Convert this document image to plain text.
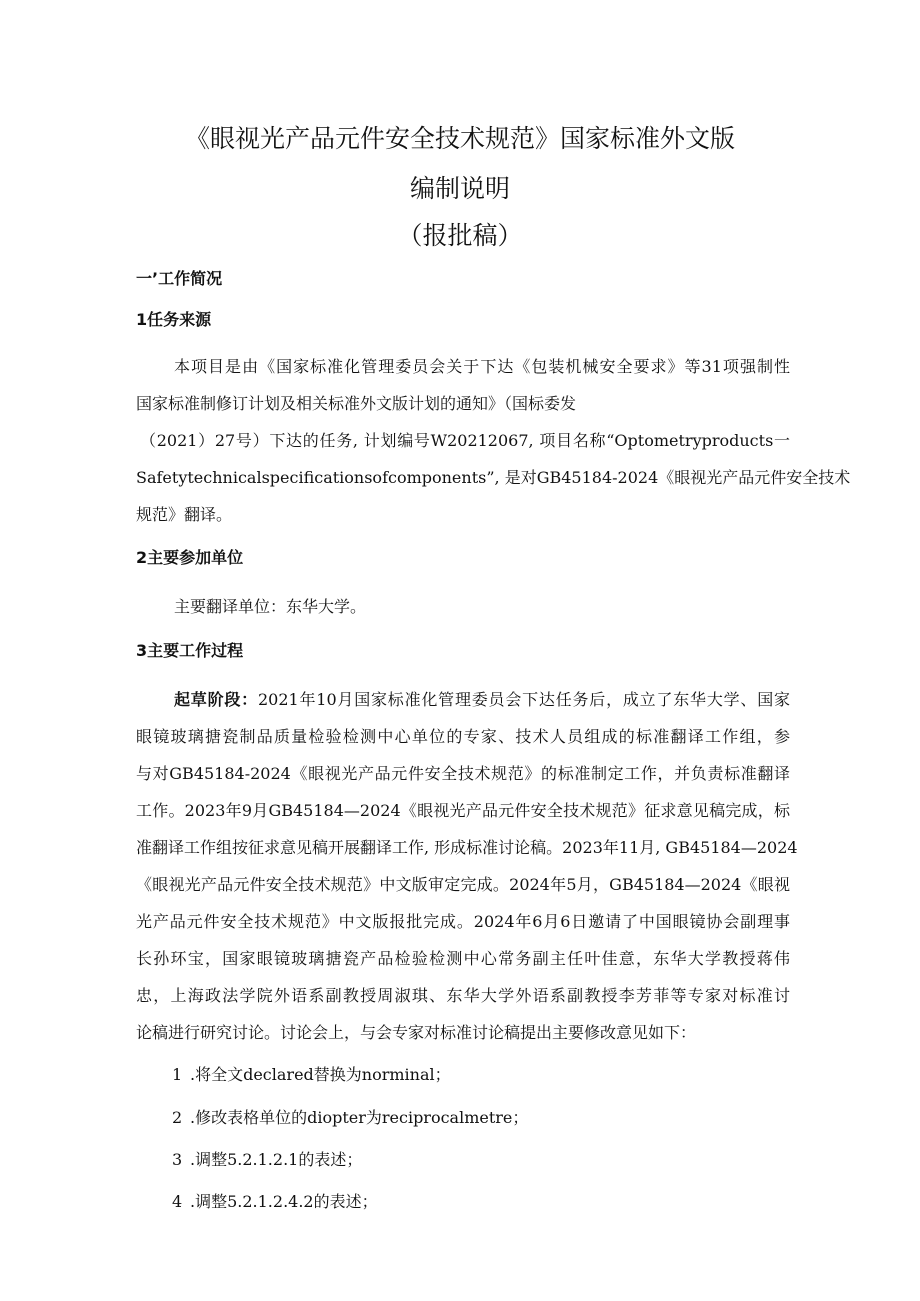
《眼视光产品元件安全技术规范》国家标准外文版
编制说明
（报批稿）
一’工作简况
1任务来源
本项目是由《国家标准化管理委员会关于下达《包装机械安全要求》等31项强制性
国家标准制修订计划及相关标准外文版计划的通知》（国标委发
（2021）27号）下达的任务, 计划编号W20212067, 项目名称“Optometryproducts一
Safetytechnicalspecificationsofcomponents”, 是对GB45184-2024《眼视光产品元件安全技术
规范》翻译。
2主要参加单位
主要翻译单位：东华大学。
3主要工作过程
起草阶段：2021年10月国家标准化管理委员会下达任务后，成立了东华大学、国家
眼镜玻璃搪瓷制品质量检验检测中心单位的专家、技术人员组成的标准翻译工作组，参
与对GB45184-2024《眼视光产品元件安全技术规范》的标准制定工作，并负责标准翻译
工作。2023年9月GB45184—2024《眼视光产品元件安全技术规范》征求意见稿完成，标
准翻译工作组按征求意见稿开展翻译工作, 形成标准讨论稿。2023年11月, GB45184—2024
《眼视光产品元件安全技术规范》中文版审定完成。2024年5月，GB45184—2024《眼视
光产品元件安全技术规范》中文版报批完成。2024年6月6日邀请了中国眼镜协会副理事
长孙环宝，国家眼镜玻璃搪瓷产品检验检测中心常务副主任叶佳意，东华大学教授蒋伟
忠，上海政法学院外语系副教授周淑琪、东华大学外语系副教授李芳菲等专家对标准讨
论稿进行研究讨论。讨论会上，与会专家对标准讨论稿提出主要修改意见如下：
1 .将全文declared替换为norminal；
2 .修改表格单位的diopter为reciprocalmetre；
3 .调整5.2.1.2.1的表述；
4 .调整5.2.1.2.4.2的表述；
